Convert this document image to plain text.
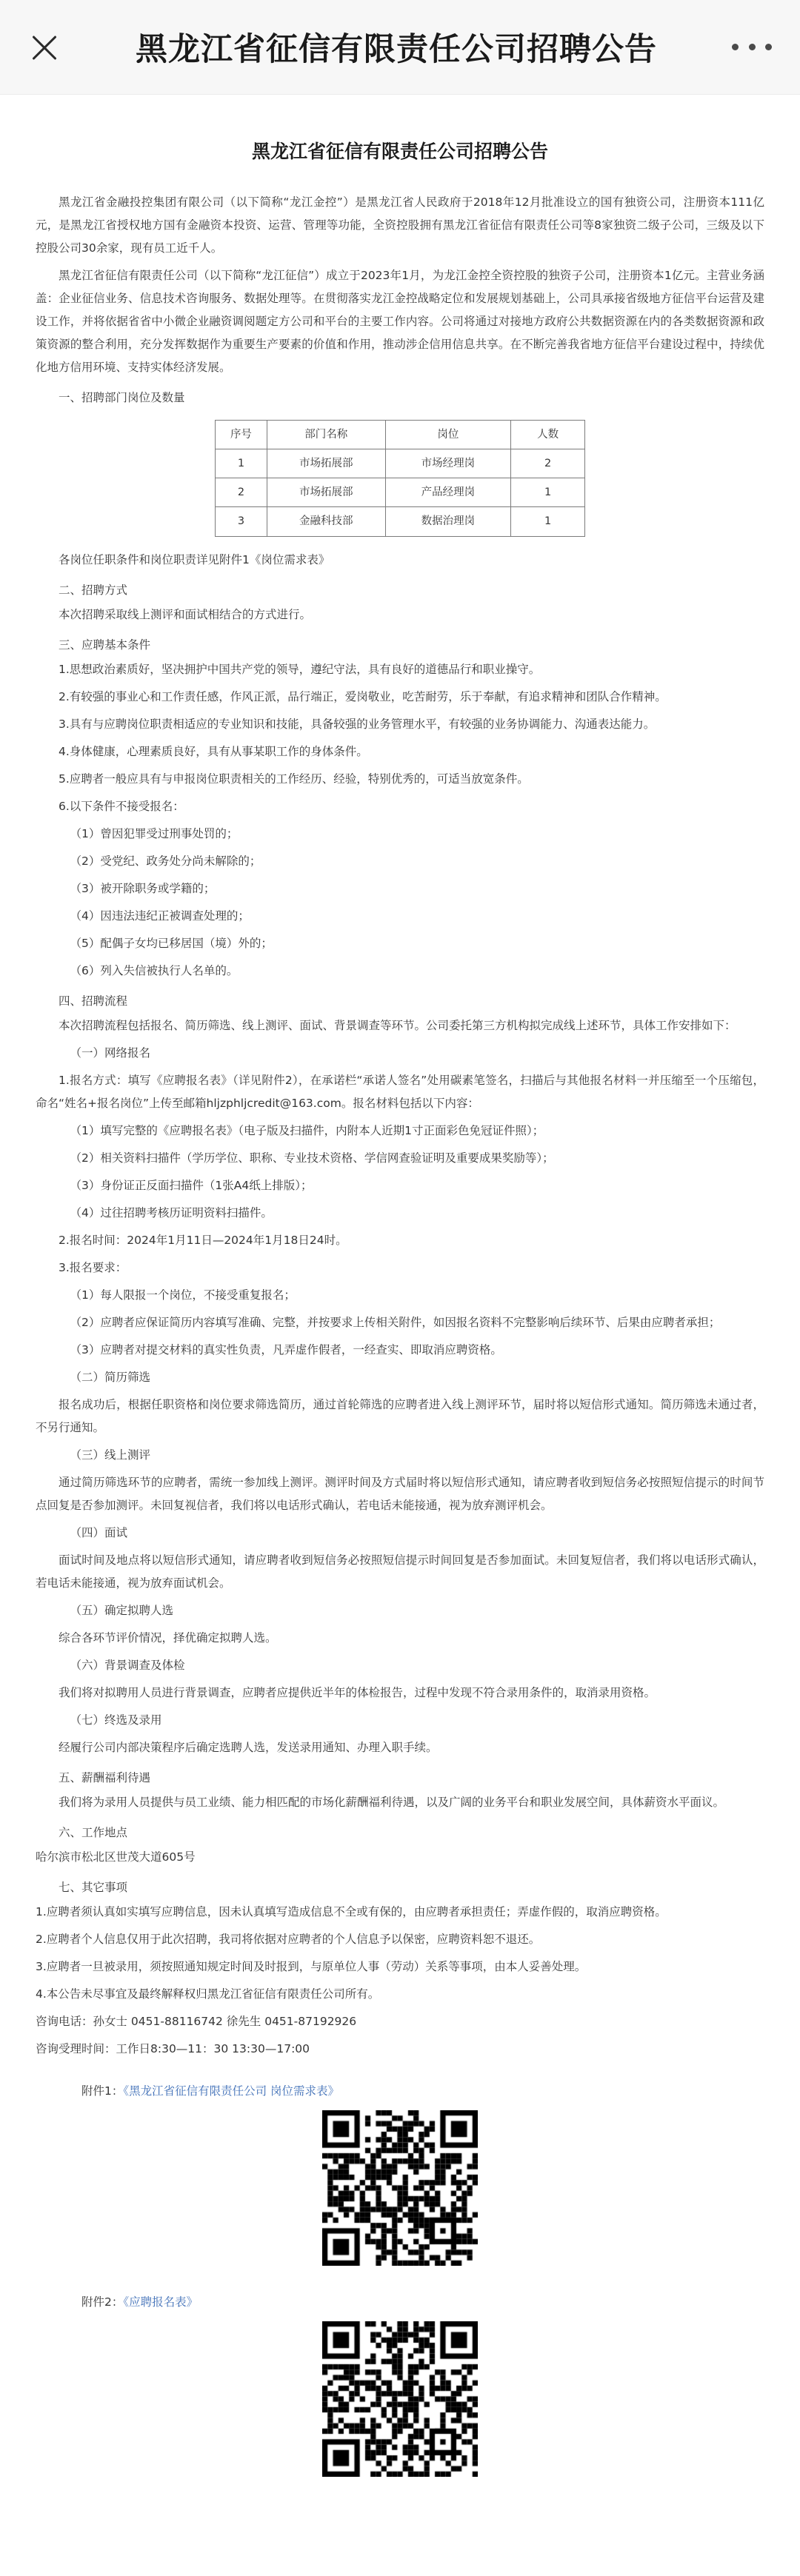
黑龙江省征信有限责任公司招聘公告
黑龙江省征信有限责任公司招聘公告

黑龙江省金融投控集团有限公司（以下简称“龙江金控”）是黑龙江省人民政府于2018年12月批准设立的国有独资公司，注册资本111亿元，是黑龙江省授权地方国有金融资本投资、运营、管理等功能，全资控股拥有黑龙江省征信有限责任公司等8家独资二级子公司，三级及以下控股公司30余家，现有员工近千人。

黑龙江省征信有限责任公司（以下简称“龙江征信”）成立于2023年1月，为龙江金控全资控股的独资子公司，注册资本1亿元。主营业务涵盖：企业征信业务、信息技术咨询服务、数据处理等。在贯彻落实龙江金控战略定位和发展规划基础上，公司具承接省级地方征信平台运营及建设工作，并将依据省省中小微企业融资调阅题定方公司和平台的主要工作内容。公司将通过对接地方政府公共数据资源在内的各类数据资源和政策资源的整合利用，充分发挥数据作为重要生产要素的价值和作用，推动涉企信用信息共享。在不断完善我省地方征信平台建设过程中，持续优化地方信用环境、支持实体经济发展。

一、招聘部门岗位及数量
序号	部门名称	岗位	人数
1	市场拓展部	市场经理岗	2
2	市场拓展部	产品经理岗	1
3	金融科技部	数据治理岗	1

各岗位任职条件和岗位职责详见附件1《岗位需求表》

二、招聘方式

本次招聘采取线上测评和面试相结合的方式进行。

三、应聘基本条件

1.思想政治素质好，坚决拥护中国共产党的领导，遵纪守法，具有良好的道德品行和职业操守。

2.有较强的事业心和工作责任感，作风正派，品行端正，爱岗敬业，吃苦耐劳，乐于奉献，有追求精神和团队合作精神。

3.具有与应聘岗位职责相适应的专业知识和技能，具备较强的业务管理水平，有较强的业务协调能力、沟通表达能力。

4.身体健康，心理素质良好，具有从事某职工作的身体条件。

5.应聘者一般应具有与申报岗位职责相关的工作经历、经验，特别优秀的，可适当放宽条件。

6.以下条件不接受报名：

（1）曾因犯罪受过刑事处罚的；

（2）受党纪、政务处分尚未解除的；

（3）被开除职务或学籍的；

（4）因违法违纪正被调查处理的；

（5）配偶子女均已移居国（境）外的；

（6）列入失信被执行人名单的。

四、招聘流程

本次招聘流程包括报名、简历筛选、线上测评、面试、背景调查等环节。公司委托第三方机构拟完成线上述环节，具体工作安排如下：

（一）网络报名

1.报名方式：填写《应聘报名表》（详见附件2），在承诺栏“承诺人签名”处用碳素笔签名，扫描后与其他报名材料一并压缩至一个压缩包，命名“姓名+报名岗位”上传至邮箱hljzphljcredit@163.com。报名材料包括以下内容：

（1）填写完整的《应聘报名表》（电子版及扫描件，内附本人近期1寸正面彩色免冠证件照）；

（2）相关资料扫描件（学历学位、职称、专业技术资格、学信网查验证明及重要成果奖励等）；

（3）身份证正反面扫描件（1张A4纸上排版）；

（4）过往招聘考核历证明资料扫描件。

2.报名时间：2024年1月11日—2024年1月18日24时。

3.报名要求：

（1）每人限报一个岗位，不接受重复报名；

（2）应聘者应保证简历内容填写准确、完整，并按要求上传相关附件，如因报名资料不完整影响后续环节、后果由应聘者承担；

（3）应聘者对提交材料的真实性负责，凡弄虚作假者，一经查实、即取消应聘资格。

（二）简历筛选

报名成功后，根据任职资格和岗位要求筛选简历，通过首轮筛选的应聘者进入线上测评环节，届时将以短信形式通知。简历筛选未通过者，不另行通知。

（三）线上测评

通过简历筛选环节的应聘者，需统一参加线上测评。测评时间及方式届时将以短信形式通知，请应聘者收到短信务必按照短信提示的时间节点回复是否参加测评。未回复视信者，我们将以电话形式确认，若电话未能接通，视为放弃测评机会。

（四）面试

面试时间及地点将以短信形式通知，请应聘者收到短信务必按照短信提示时间回复是否参加面试。未回复短信者，我们将以电话形式确认，若电话未能接通，视为放弃面试机会。

（五）确定拟聘人选

综合各环节评价情况，择优确定拟聘人选。

（六）背景调查及体检

我们将对拟聘用人员进行背景调查，应聘者应提供近半年的体检报告，过程中发现不符合录用条件的，取消录用资格。

（七）终选及录用

经履行公司内部决策程序后确定选聘人选，发送录用通知、办理入职手续。

五、薪酬福利待遇

我们将为录用人员提供与员工业绩、能力相匹配的市场化薪酬福利待遇，以及广阔的业务平台和职业发展空间，具体薪资水平面议。

六、工作地点

哈尔滨市松北区世茂大道605号

七、其它事项

1.应聘者须认真如实填写应聘信息，因未认真填写造成信息不全或有保的，由应聘者承担责任；弄虚作假的，取消应聘资格。

2.应聘者个人信息仅用于此次招聘，我司将依据对应聘者的个人信息予以保密，应聘资料恕不退还。

3.应聘者一旦被录用，须按照通知规定时间及时报到，与原单位人事（劳动）关系等事项，由本人妥善处理。

4.本公告未尽事宜及最终解释权归黑龙江省征信有限责任公司所有。

咨询电话：孙女士 0451-88116742 徐先生 0451-87192926

咨询受理时间：工作日8:30—11：30 13:30—17:00

附件1：《黑龙江省征信有限责任公司 岗位需求表》

附件2：《应聘报名表》
